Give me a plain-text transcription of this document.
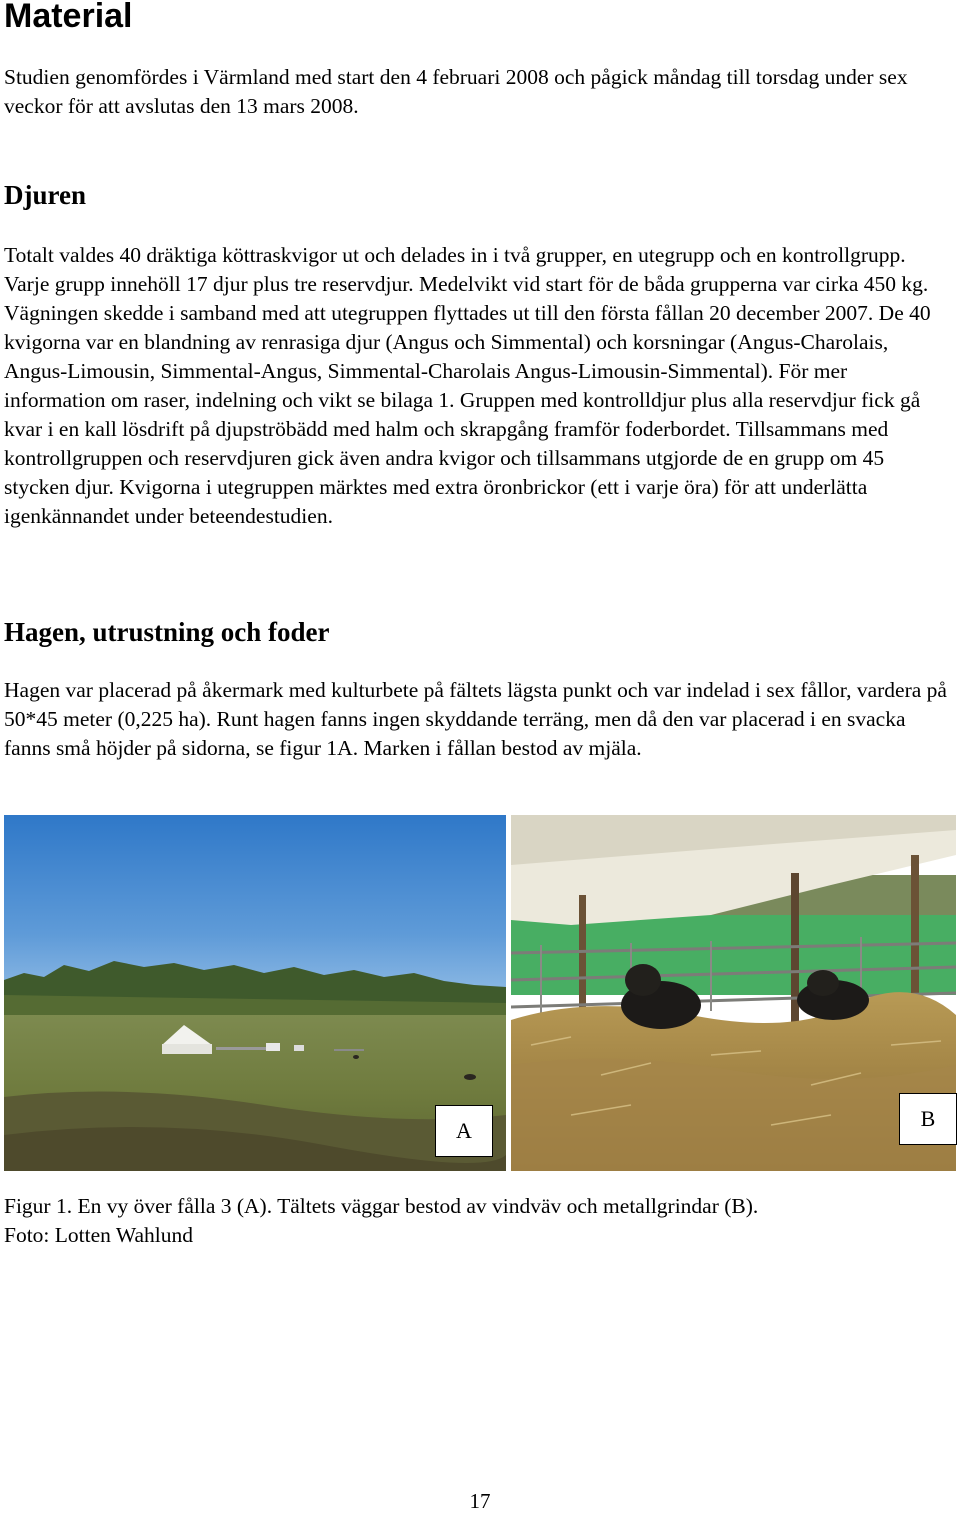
Material

Studien genomfördes i Värmland med start den 4 februari 2008 och pågick måndag till torsdag under sex veckor för att avslutas den 13 mars 2008.

Djuren

Totalt valdes 40 dräktiga köttraskvigor ut och delades in i två grupper, en utegrupp och en kontrollgrupp. Varje grupp innehöll 17 djur plus tre reservdjur. Medelvikt vid start för de båda grupperna var cirka 450 kg. Vägningen skedde i samband med att utegruppen flyttades ut till den första fållan 20 december 2007. De 40 kvigorna var en blandning av renrasiga djur (Angus och Simmental) och korsningar (Angus-Charolais, Angus-Limousin, Simmental-Angus, Simmental-Charolais Angus-Limousin-Simmental). För mer information om raser, indelning och vikt se bilaga 1. Gruppen med kontrolldjur plus alla reservdjur fick gå kvar i en kall lösdrift på djupströbädd med halm och skrapgång framför foderbordet. Tillsammans med kontrollgruppen och reservdjuren gick även andra kvigor och tillsammans utgjorde de en grupp om 45 stycken djur. Kvigorna i utegruppen märktes med extra öronbrickor (ett i varje öra) för att underlätta igenkännandet under beteendestudien.

Hagen, utrustning och foder

Hagen var placerad på åkermark med kulturbete på fältets lägsta punkt och var indelad i sex fållor, vardera på 50*45 meter (0,225 ha). Runt hagen fanns ingen skyddande terräng, men då den var placerad i en svacka fanns små höjder på sidorna, se figur 1A. Marken i fållan bestod av mjäla.

A	B

Figur 1. En vy över fålla 3 (A). Tältets väggar bestod av vindväv och metallgrindar (B).
Foto: Lotten Wahlund

17
